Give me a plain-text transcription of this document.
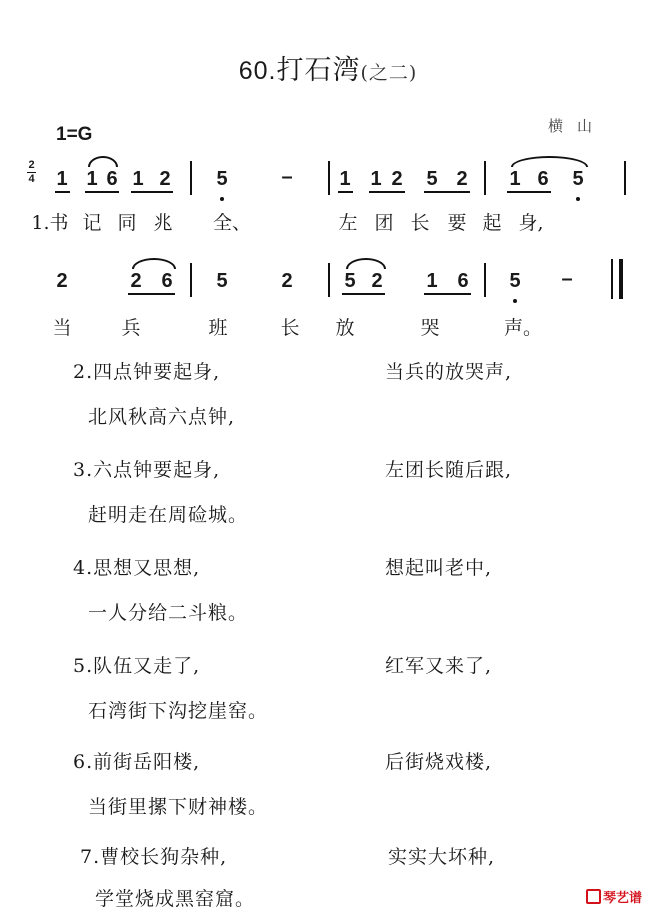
60.打石湾(之二)
横山
1=G
2
4 1 1 6 1 2 5	– 1 1 2 5 2 1 6 5
1.书 记 同 兆 全、	左 团 长 要 起 身,
2	2 6 5	2	5 2 1 6 5 –
当	兵	班	长 放	哭	声。
2.四点钟要起身,	当兵的放哭声,
北风秋高六点钟,
3.六点钟要起身,	左团长随后跟,
赶明走在周硷城。
4.思想又思想,	想起叫老中,
一人分给二斗粮。
5.队伍又走了,	红军又来了,
石湾街下沟挖崖窑。
6.前街岳阳楼,	后街烧戏楼,
当街里摞下财神楼。
7.曹校长狗杂种,	实实大坏种,
学堂烧成黑窑窟。	琴艺谱
